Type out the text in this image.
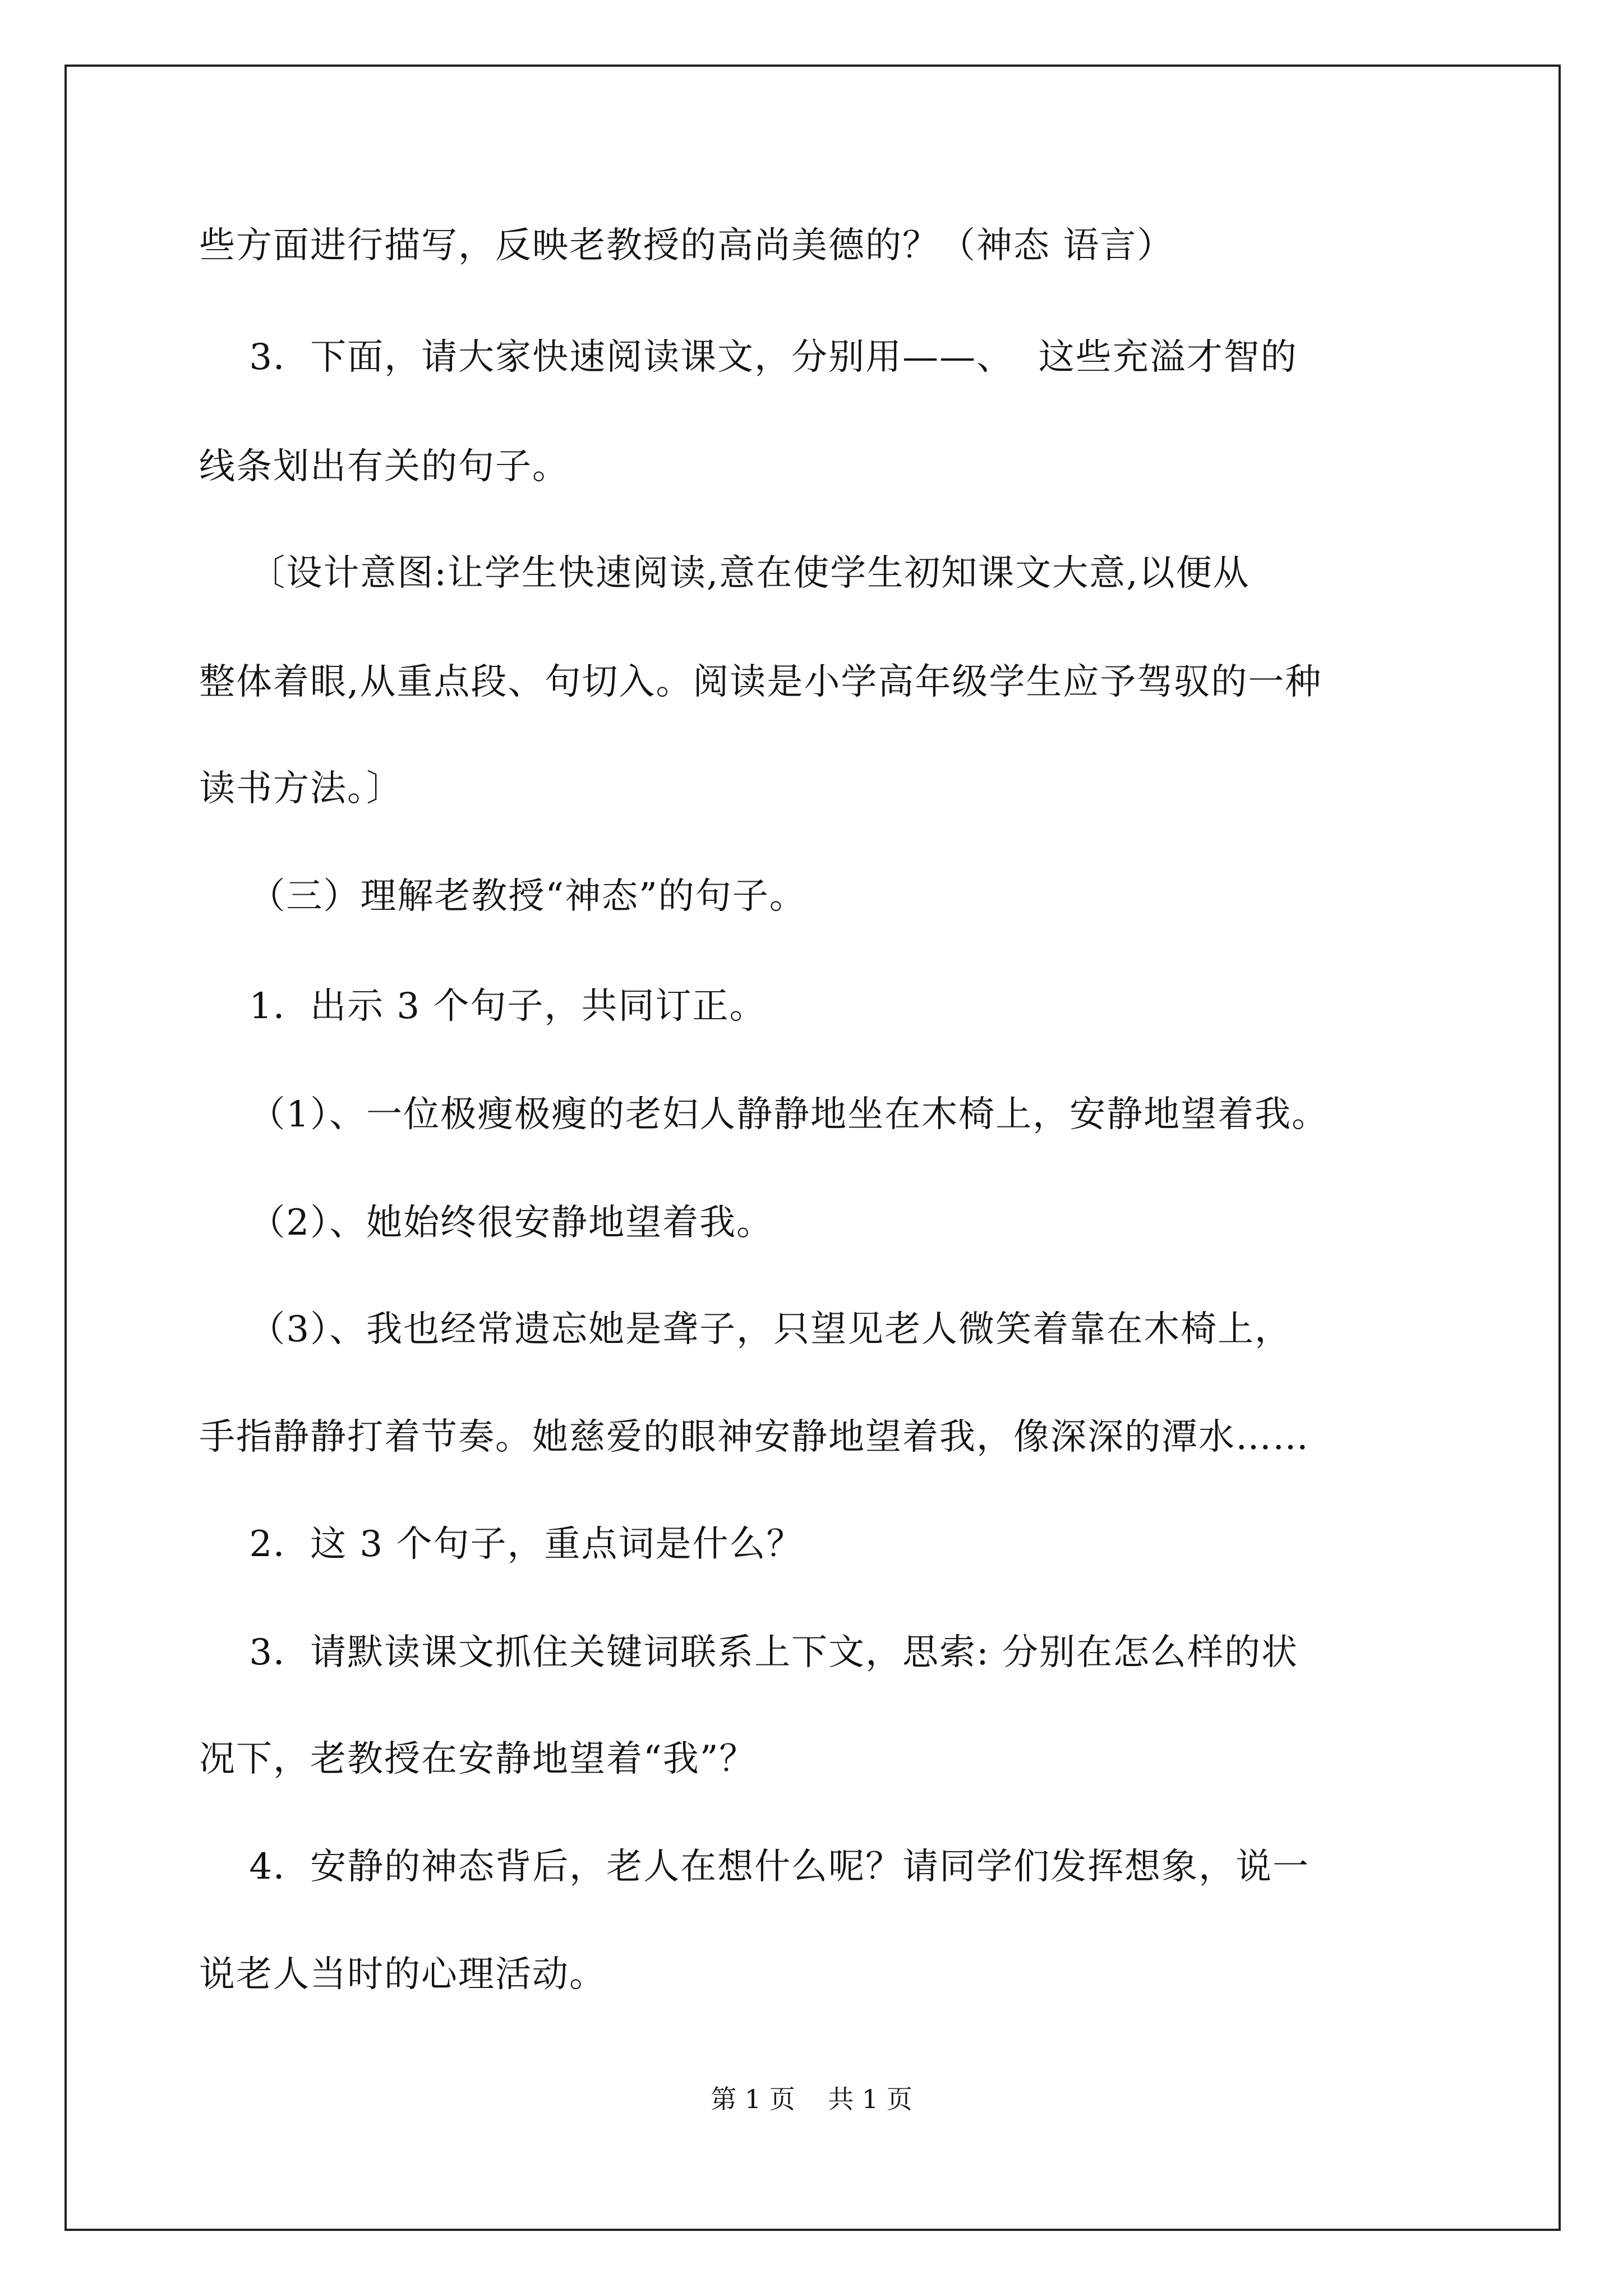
些方面进行描写，反映老教授的高尚美德的？（神态 语言）
3．下面，请大家快速阅读课文，分别用——、  这些充溢才智的
线条划出有关的句子。
〔设计意图:让学生快速阅读,意在使学生初知课文大意,以便从
整体着眼,从重点段、句切入。阅读是小学高年级学生应予驾驭的一种
读书方法。〕
（三）理解老教授“神态”的句子。
1．出示 3 个句子，共同订正。
（1）、一位极瘦极瘦的老妇人静静地坐在木椅上，安静地望着我。
（2）、她始终很安静地望着我。
（3）、我也经常遗忘她是聋子，只望见老人微笑着靠在木椅上，
手指静静打着节奏。她慈爱的眼神安静地望着我，像深深的潭水……
2．这 3 个句子，重点词是什么？
3．请默读课文抓住关键词联系上下文，思索: 分别在怎么样的状
况下，老教授在安静地望着“我”？
4．安静的神态背后，老人在想什么呢？请同学们发挥想象，说一
说老人当时的心理活动。
第 1 页    共 1 页
